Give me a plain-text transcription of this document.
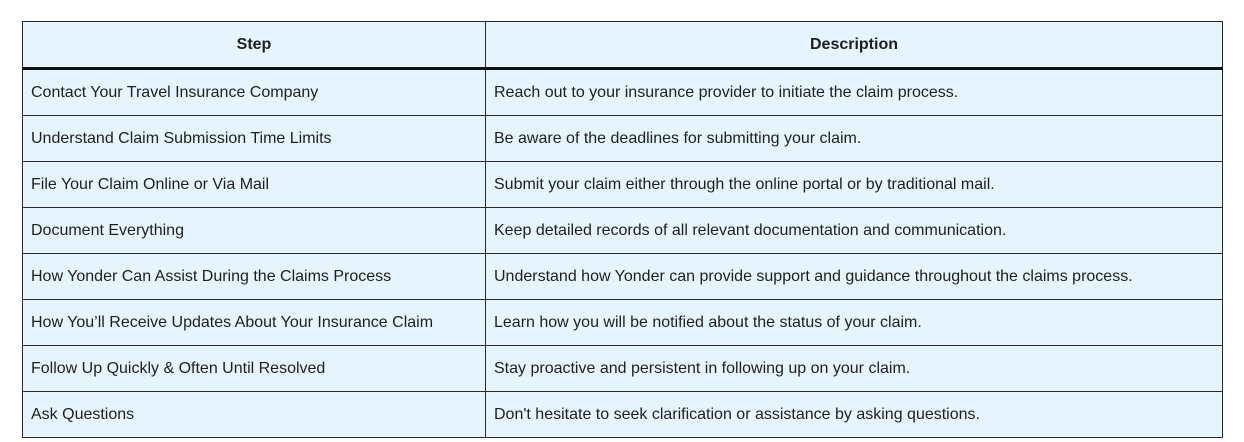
Step	Description
Contact Your Travel Insurance Company	Reach out to your insurance provider to initiate the claim process.
Understand Claim Submission Time Limits	Be aware of the deadlines for submitting your claim.
File Your Claim Online or Via Mail	Submit your claim either through the online portal or by traditional mail.
Document Everything	Keep detailed records of all relevant documentation and communication.
How Yonder Can Assist During the Claims Process	Understand how Yonder can provide support and guidance throughout the claims process.
How You’ll Receive Updates About Your Insurance Claim	Learn how you will be notified about the status of your claim.
Follow Up Quickly & Often Until Resolved	Stay proactive and persistent in following up on your claim.
Ask Questions	Don't hesitate to seek clarification or assistance by asking questions.
